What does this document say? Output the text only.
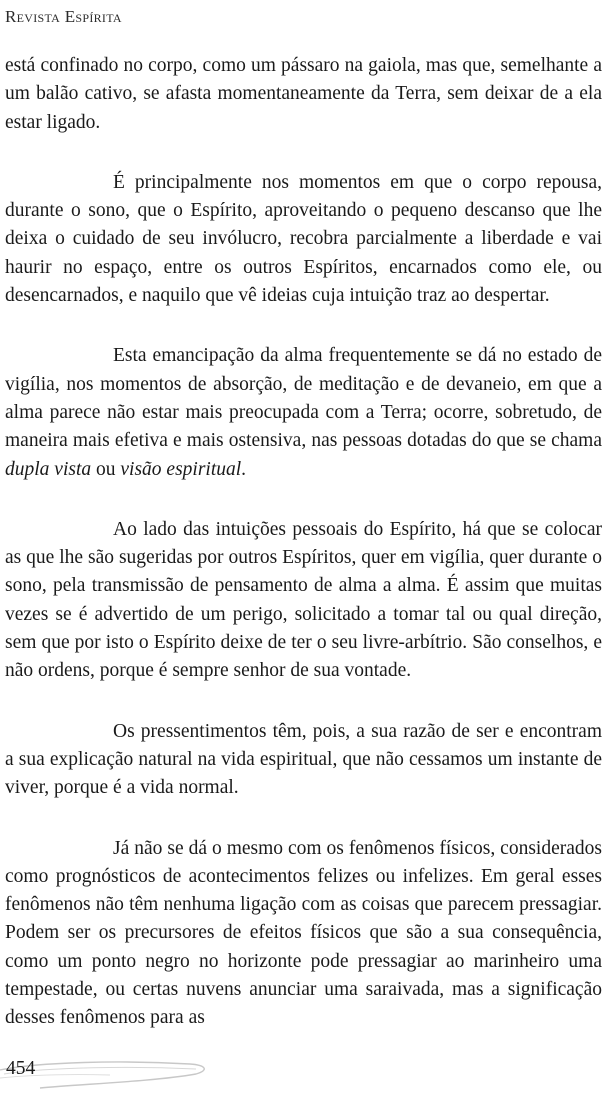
Revista Espírita

está confinado no corpo, como um pássaro na gaiola, mas que, semelhante a um balão cativo, se afasta momentaneamente da Terra, sem deixar de a ela estar ligado.

É principalmente nos momentos em que o corpo repousa, durante o sono, que o Espírito, aproveitando o pequeno descanso que lhe deixa o cuidado de seu invólucro, recobra parcialmente a liberdade e vai haurir no espaço, entre os outros Espíritos, encarnados como ele, ou desencarnados, e naquilo que vê ideias cuja intuição traz ao despertar.

Esta emancipação da alma frequentemente se dá no estado de vigília, nos momentos de absorção, de meditação e de devaneio, em que a alma parece não estar mais preocupada com a Terra; ocorre, sobretudo, de maneira mais efetiva e mais ostensiva, nas pessoas dotadas do que se chama dupla vista ou visão espiritual.

Ao lado das intuições pessoais do Espírito, há que se colocar as que lhe são sugeridas por outros Espíritos, quer em vigília, quer durante o sono, pela transmissão de pensamento de alma a alma. É assim que muitas vezes se é advertido de um perigo, solicitado a tomar tal ou qual direção, sem que por isto o Espírito deixe de ter o seu livre-arbítrio. São conselhos, e não ordens, porque é sempre senhor de sua vontade.

Os pressentimentos têm, pois, a sua razão de ser e encontram a sua explicação natural na vida espiritual, que não cessamos um instante de viver, porque é a vida normal.

Já não se dá o mesmo com os fenômenos físicos, considerados como prognósticos de acontecimentos felizes ou infelizes. Em geral esses fenômenos não têm nenhuma ligação com as coisas que parecem pressagiar. Podem ser os precursores de efeitos físicos que são a sua consequência, como um ponto negro no horizonte pode pressagiar ao marinheiro uma tempestade, ou certas nuvens anunciar uma saraivada, mas a significação desses fenômenos para as

454
